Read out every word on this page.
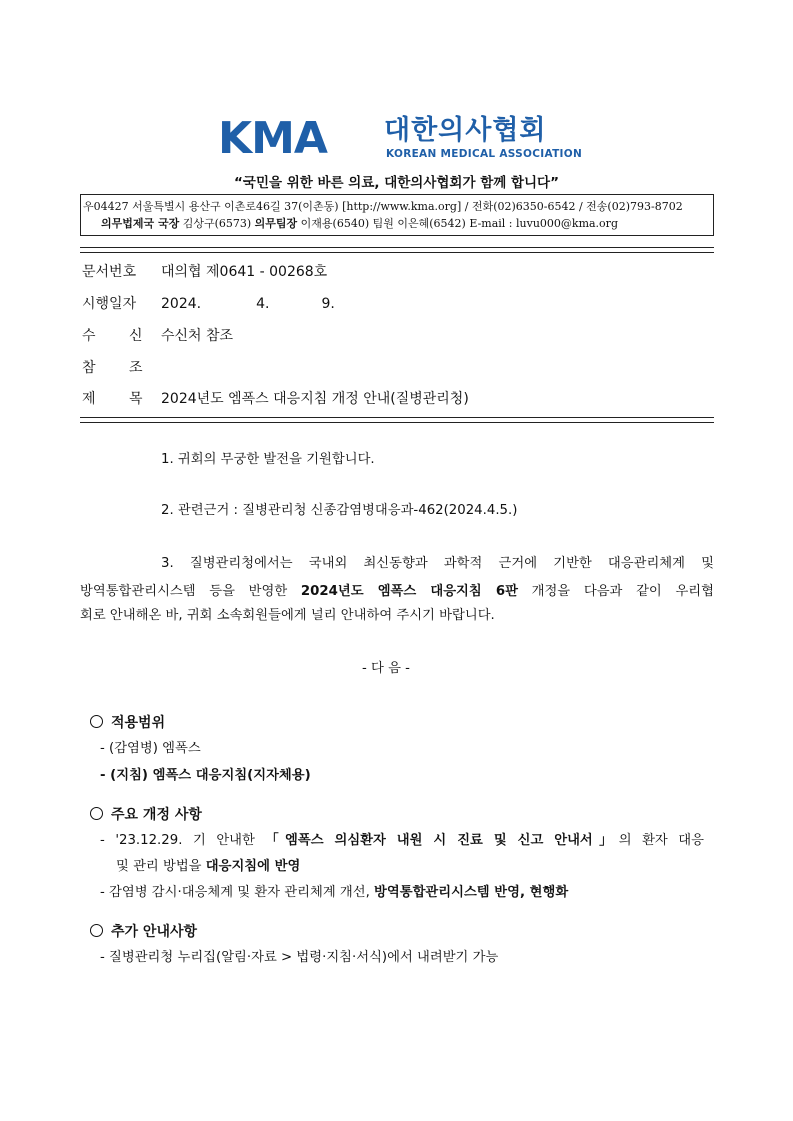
KMA 대한의사협회
KOREAN MEDICAL ASSOCIATION
“국민을 위한 바른 의료, 대한의사협회가 함께 합니다”
우04427 서울특별시 용산구 이촌로46길 37(이촌동) [http://www.kma.org] / 전화(02)6350-6542 / 전송(02)793-8702
의무법제국 국장 김상구(6573) 의무팀장 이재용(6540) 팀원 이은혜(6542) E-mail : luvu000@kma.org
문서번호 대의협 제0641 - 00268호
시행일자 2024.	4.	9.
수 신 수신처 참조
참 조
제 목 2024년도 엠폭스 대응지침 개정 안내(질병관리청)
1. 귀회의 무궁한 발전을 기원합니다.
2. 관련근거 : 질병관리청 신종감염병대응과-462(2024.4.5.)
3. 질병관리청에서는 국내외 최신동향과 과학적 근거에 기반한 대응관리체계 및
방역통합관리시스템 등을 반영한 2024년도 엠폭스 대응지침 6판 개정을 다음과 같이 우리협
회로 안내해온 바, 귀회 소속회원들에게 널리 안내하여 주시기 바랍니다.
- 다 음 -
적용범위
- (감염병) 엠폭스
- (지침) 엠폭스 대응지침(지자체용)
주요 개정 사항
- '23.12.29. 기 안내한 「엠폭스 의심환자 내원 시 진료 및 신고 안내서」의 환자 대응
및 관리 방법을 대응지침에 반영
- 감염병 감시·대응체계 및 환자 관리체계 개선, 방역통합관리시스템 반영, 현행화
추가 안내사항
- 질병관리청 누리집(알림·자료 > 법령·지침·서식)에서 내려받기 가능
